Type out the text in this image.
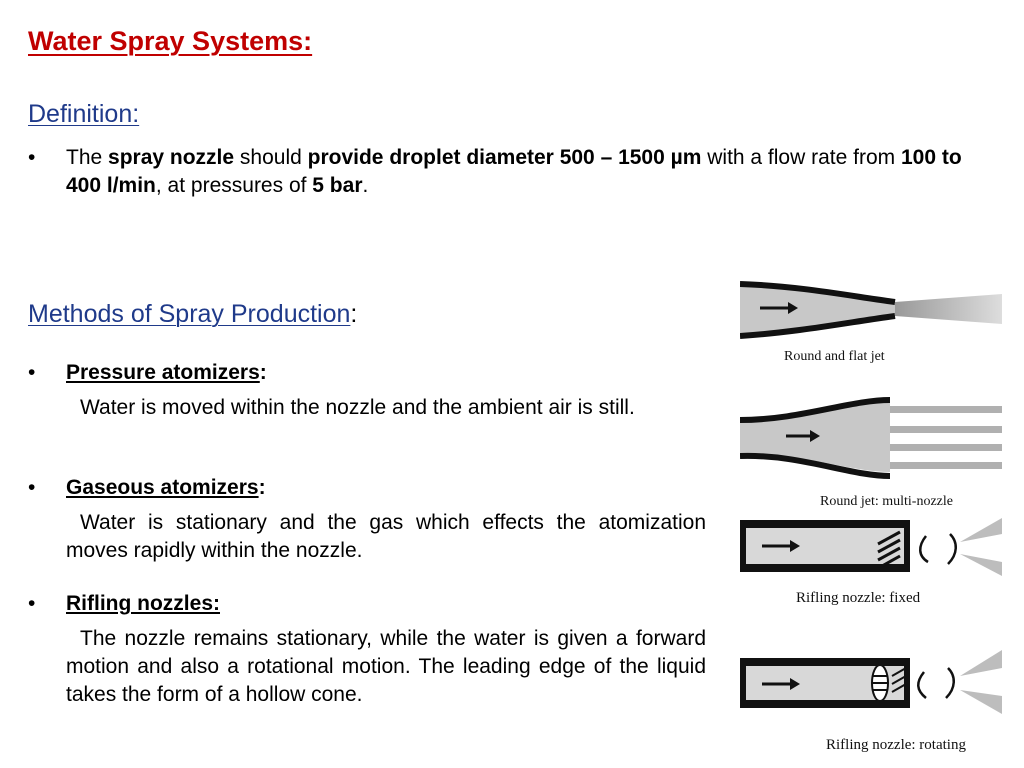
Water Spray Systems:
Definition:
• The spray nozzle should provide droplet diameter 500 – 1500 µm with a flow rate from 100 to 400 l/min, at pressures of 5 bar.
Methods of Spray Production:
• Pressure atomizers:
Water is moved within the nozzle and the ambient air is still.
• Gaseous atomizers:
Water is stationary and the gas which effects the atomization moves rapidly within the nozzle.
• Rifling nozzles:
The nozzle remains stationary, while the water is given a forward motion and also a rotational motion. The leading edge of the liquid takes the form of a hollow cone.
Round and flat jet
Round jet: multi-nozzle
Rifling nozzle: fixed
Rifling nozzle: rotating
